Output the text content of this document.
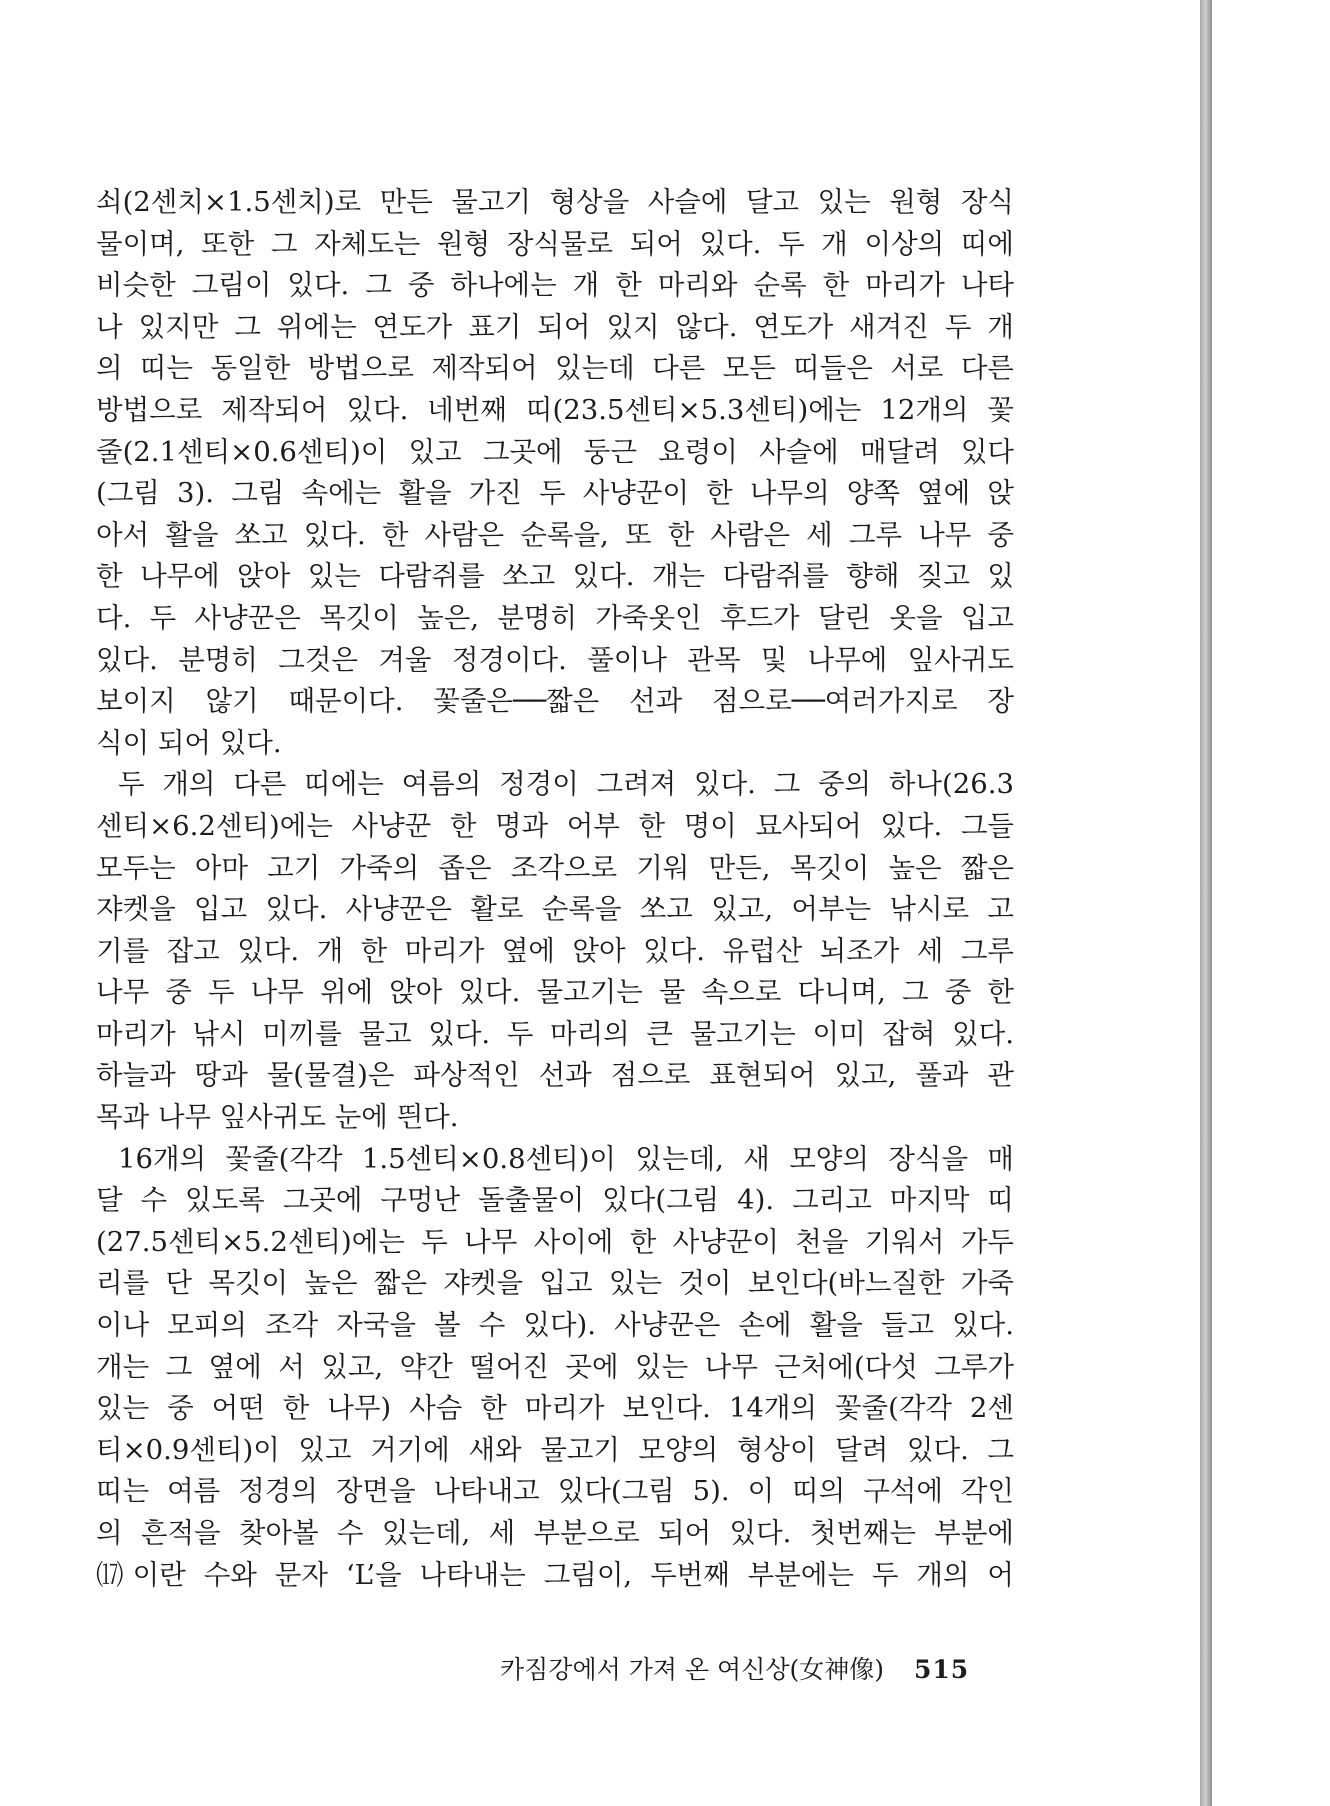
쇠(2센치×1.5센치)로 만든 물고기 형상을 사슬에 달고 있는 원형 장식
물이며, 또한 그 자체도는 원형 장식물로 되어 있다. 두 개 이상의 띠에
비슷한 그림이 있다. 그 중 하나에는 개 한 마리와 순록 한 마리가 나타
나 있지만 그 위에는 연도가 표기 되어 있지 않다. 연도가 새겨진 두 개
의 띠는 동일한 방법으로 제작되어 있는데 다른 모든 띠들은 서로 다른
방법으로 제작되어 있다. 네번째 띠(23.5센티×5.3센티)에는 12개의 꽃
줄(2.1센티×0.6센티)이 있고 그곳에 둥근 요령이 사슬에 매달려 있다
(그림 3). 그림 속에는 활을 가진 두 사냥꾼이 한 나무의 양쪽 옆에 앉
아서 활을 쏘고 있다. 한 사람은 순록을, 또 한 사람은 세 그루 나무 중
한 나무에 앉아 있는 다람쥐를 쏘고 있다. 개는 다람쥐를 향해 짖고 있
다. 두 사냥꾼은 목깃이 높은, 분명히 가죽옷인 후드가 달린 옷을 입고
있다. 분명히 그것은 겨울 정경이다. 풀이나 관목 및 나무에 잎사귀도
보이지 않기 때문이다. 꽃줄은──짧은 선과 점으로──여러가지로 장
식이 되어 있다.
두 개의 다른 띠에는 여름의 정경이 그려져 있다. 그 중의 하나(26.3
센티×6.2센티)에는 사냥꾼 한 명과 어부 한 명이 묘사되어 있다. 그들
모두는 아마 고기 가죽의 좁은 조각으로 기워 만든, 목깃이 높은 짧은
쟈켓을 입고 있다. 사냥꾼은 활로 순록을 쏘고 있고, 어부는 낚시로 고
기를 잡고 있다. 개 한 마리가 옆에 앉아 있다. 유럽산 뇌조가 세 그루
나무 중 두 나무 위에 앉아 있다. 물고기는 물 속으로 다니며, 그 중 한
마리가 낚시 미끼를 물고 있다. 두 마리의 큰 물고기는 이미 잡혀 있다.
하늘과 땅과 물(물결)은 파상적인 선과 점으로 표현되어 있고, 풀과 관
목과 나무 잎사귀도 눈에 띈다.
16개의 꽃줄(각각 1.5센티×0.8센티)이 있는데, 새 모양의 장식을 매
달 수 있도록 그곳에 구멍난 돌출물이 있다(그림 4). 그리고 마지막 띠
(27.5센티×5.2센티)에는 두 나무 사이에 한 사냥꾼이 천을 기워서 가두
리를 단 목깃이 높은 짧은 쟈켓을 입고 있는 것이 보인다(바느질한 가죽
이나 모피의 조각 자국을 볼 수 있다). 사냥꾼은 손에 활을 들고 있다.
개는 그 옆에 서 있고, 약간 떨어진 곳에 있는 나무 근처에(다섯 그루가
있는 중 어떤 한 나무) 사슴 한 마리가 보인다. 14개의 꽃줄(각각 2센
티×0.9센티)이 있고 거기에 새와 물고기 모양의 형상이 달려 있다. 그
띠는 여름 정경의 장면을 나타내고 있다(그림 5). 이 띠의 구석에 각인
의 흔적을 찾아볼 수 있는데, 세 부분으로 되어 있다. 첫번째는 부분에
⒄이란 수와 문자 ‘L’을 나타내는 그림이, 두번째 부분에는 두 개의 어
카짐강에서 가져 온 여신상(女神像) 515
